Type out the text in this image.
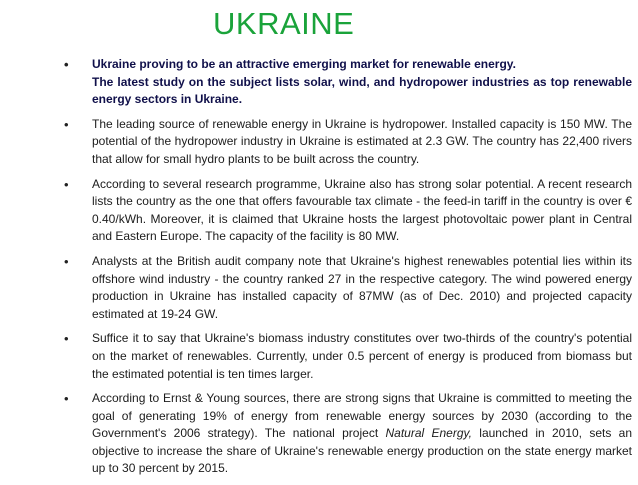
UKRAINE
• Ukraine proving to be an attractive emerging market for renewable energy.

The latest study on the subject lists solar, wind, and hydropower industries as top renewable energy sectors in Ukraine.

• The leading source of renewable energy in Ukraine is hydropower. Installed capacity is 150 MW. The potential of the hydropower industry in Ukraine is estimated at 2.3 GW. The country has 22,400 rivers that allow for small hydro plants to be built across the country.

• According to several research programme, Ukraine also has strong solar potential. A recent research lists the country as the one that offers favourable tax climate - the feed-in tariff in the country is over € 0.40/kWh. Moreover, it is claimed that Ukraine hosts the largest photovoltaic power plant in Central and Eastern Europe. The capacity of the facility is 80 MW.

• Analysts at the British audit company note that Ukraine's highest renewables potential lies within its offshore wind industry - the country ranked 27 in the respective category. The wind powered energy production in Ukraine has installed capacity of 87MW (as of Dec. 2010) and projected capacity estimated at 19-24 GW.

• Suffice it to say that Ukraine's biomass industry constitutes over two-thirds of the country's potential on the market of renewables. Currently, under 0.5 percent of energy is produced from biomass but the estimated potential is ten times larger.

• According to Ernst & Young sources, there are strong signs that Ukraine is committed to meeting the goal of generating 19% of energy from renewable energy sources by 2030 (according to the Government's 2006 strategy). The national project Natural Energy, launched in 2010, sets an objective to increase the share of Ukraine's renewable energy production on the state energy market up to 30 percent by 2015.
